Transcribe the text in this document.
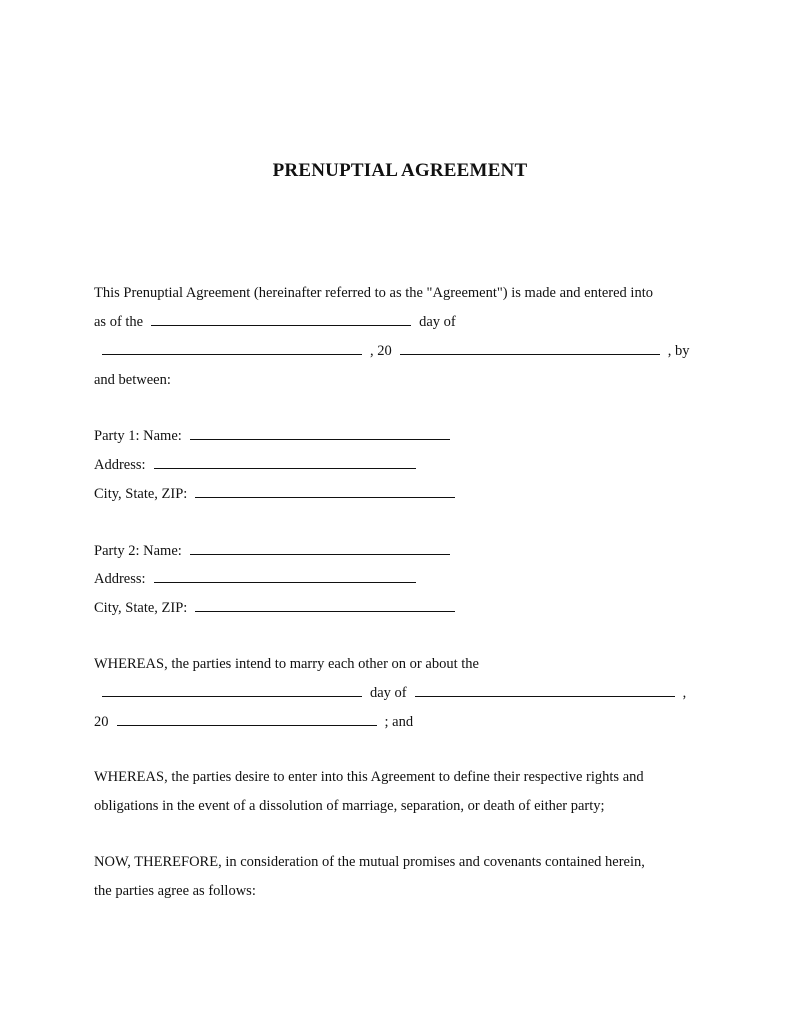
PRENUPTIAL AGREEMENT
This Prenuptial Agreement (hereinafter referred to as the "Agreement") is made and entered into
as of the	day of
, 20	, by
and between:
Party 1: Name:
Address:
City, State, ZIP:
Party 2: Name:
Address:
City, State, ZIP:
WHEREAS, the parties intend to marry each other on or about the
day of	,
20	; and
WHEREAS, the parties desire to enter into this Agreement to define their respective rights and
obligations in the event of a dissolution of marriage, separation, or death of either party;
NOW, THEREFORE, in consideration of the mutual promises and covenants contained herein,
the parties agree as follows:
